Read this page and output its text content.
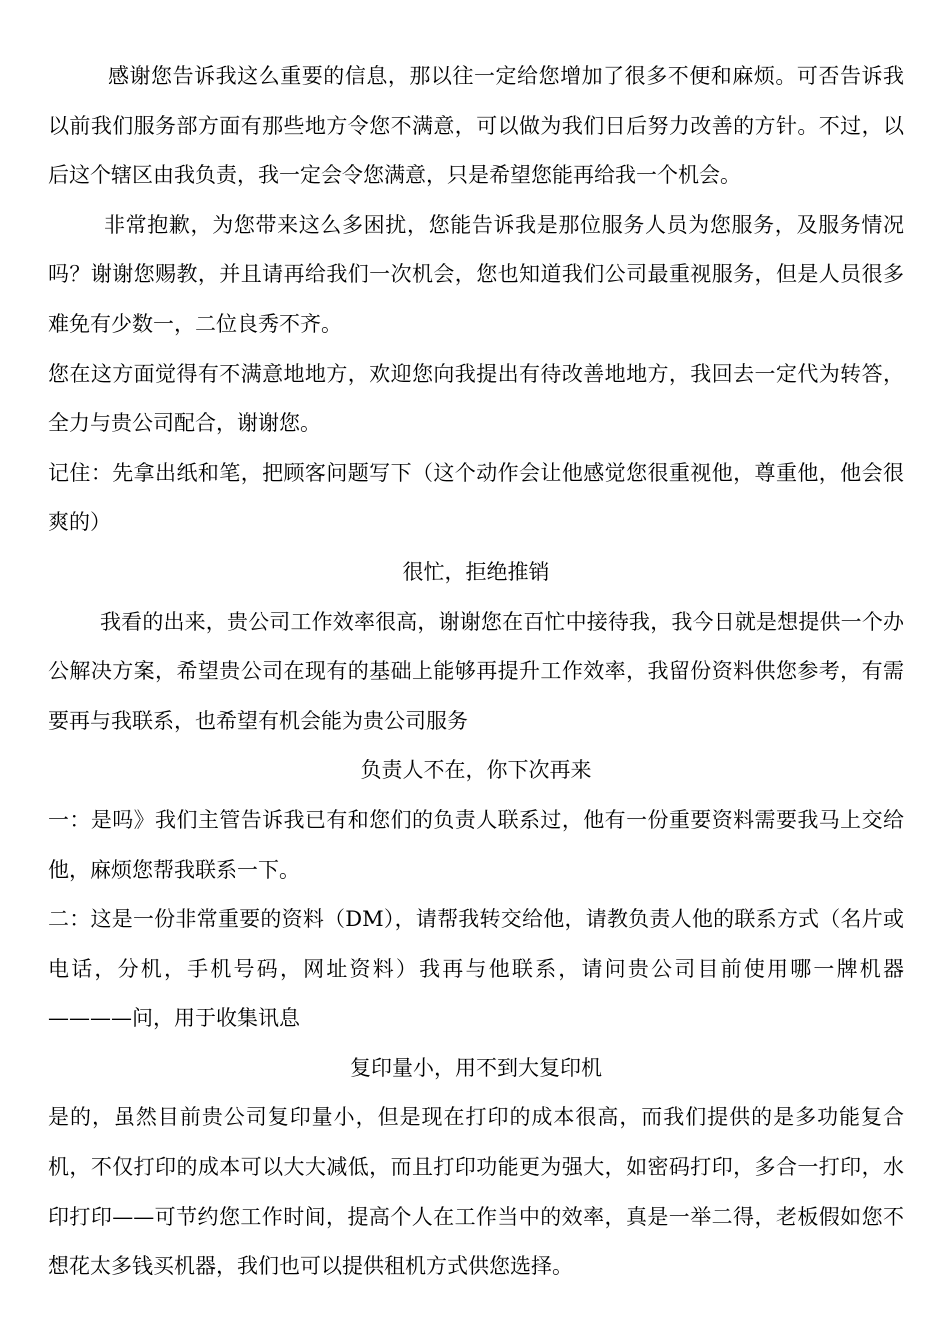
感谢您告诉我这么重要的信息，那以往一定给您增加了很多不便和麻烦。可否告诉我以前我们服务部方面有那些地方令您不满意，可以做为我们日后努力改善的方针。不过，以后这个辖区由我负责，我一定会令您满意，只是希望您能再给我一个机会。

非常抱歉，为您带来这么多困扰，您能告诉我是那位服务人员为您服务，及服务情况吗？谢谢您赐教，并且请再给我们一次机会，您也知道我们公司最重视服务，但是人员很多难免有少数一，二位良秀不齐。

您在这方面觉得有不满意地地方，欢迎您向我提出有待改善地地方，我回去一定代为转答，全力与贵公司配合，谢谢您。

记住：先拿出纸和笔，把顾客问题写下（这个动作会让他感觉您很重视他，尊重他，他会很爽的）

很忙，拒绝推销

我看的出来，贵公司工作效率很高，谢谢您在百忙中接待我，我今日就是想提供一个办公解决方案，希望贵公司在现有的基础上能够再提升工作效率，我留份资料供您参考，有需要再与我联系，也希望有机会能为贵公司服务

负责人不在，你下次再来

一：是吗》我们主管告诉我已有和您们的负责人联系过，他有一份重要资料需要我马上交给他，麻烦您帮我联系一下。

二：这是一份非常重要的资料（DM），请帮我转交给他，请教负责人他的联系方式（名片或电话，分机，手机号码，网址资料）我再与他联系，请问贵公司目前使用哪一牌机器————问，用于收集讯息

复印量小，用不到大复印机

是的，虽然目前贵公司复印量小，但是现在打印的成本很高，而我们提供的是多功能复合机，不仅打印的成本可以大大减低，而且打印功能更为强大，如密码打印，多合一打印，水印打印——可节约您工作时间，提高个人在工作当中的效率，真是一举二得，老板假如您不想花太多钱买机器，我们也可以提供租机方式供您选择。
